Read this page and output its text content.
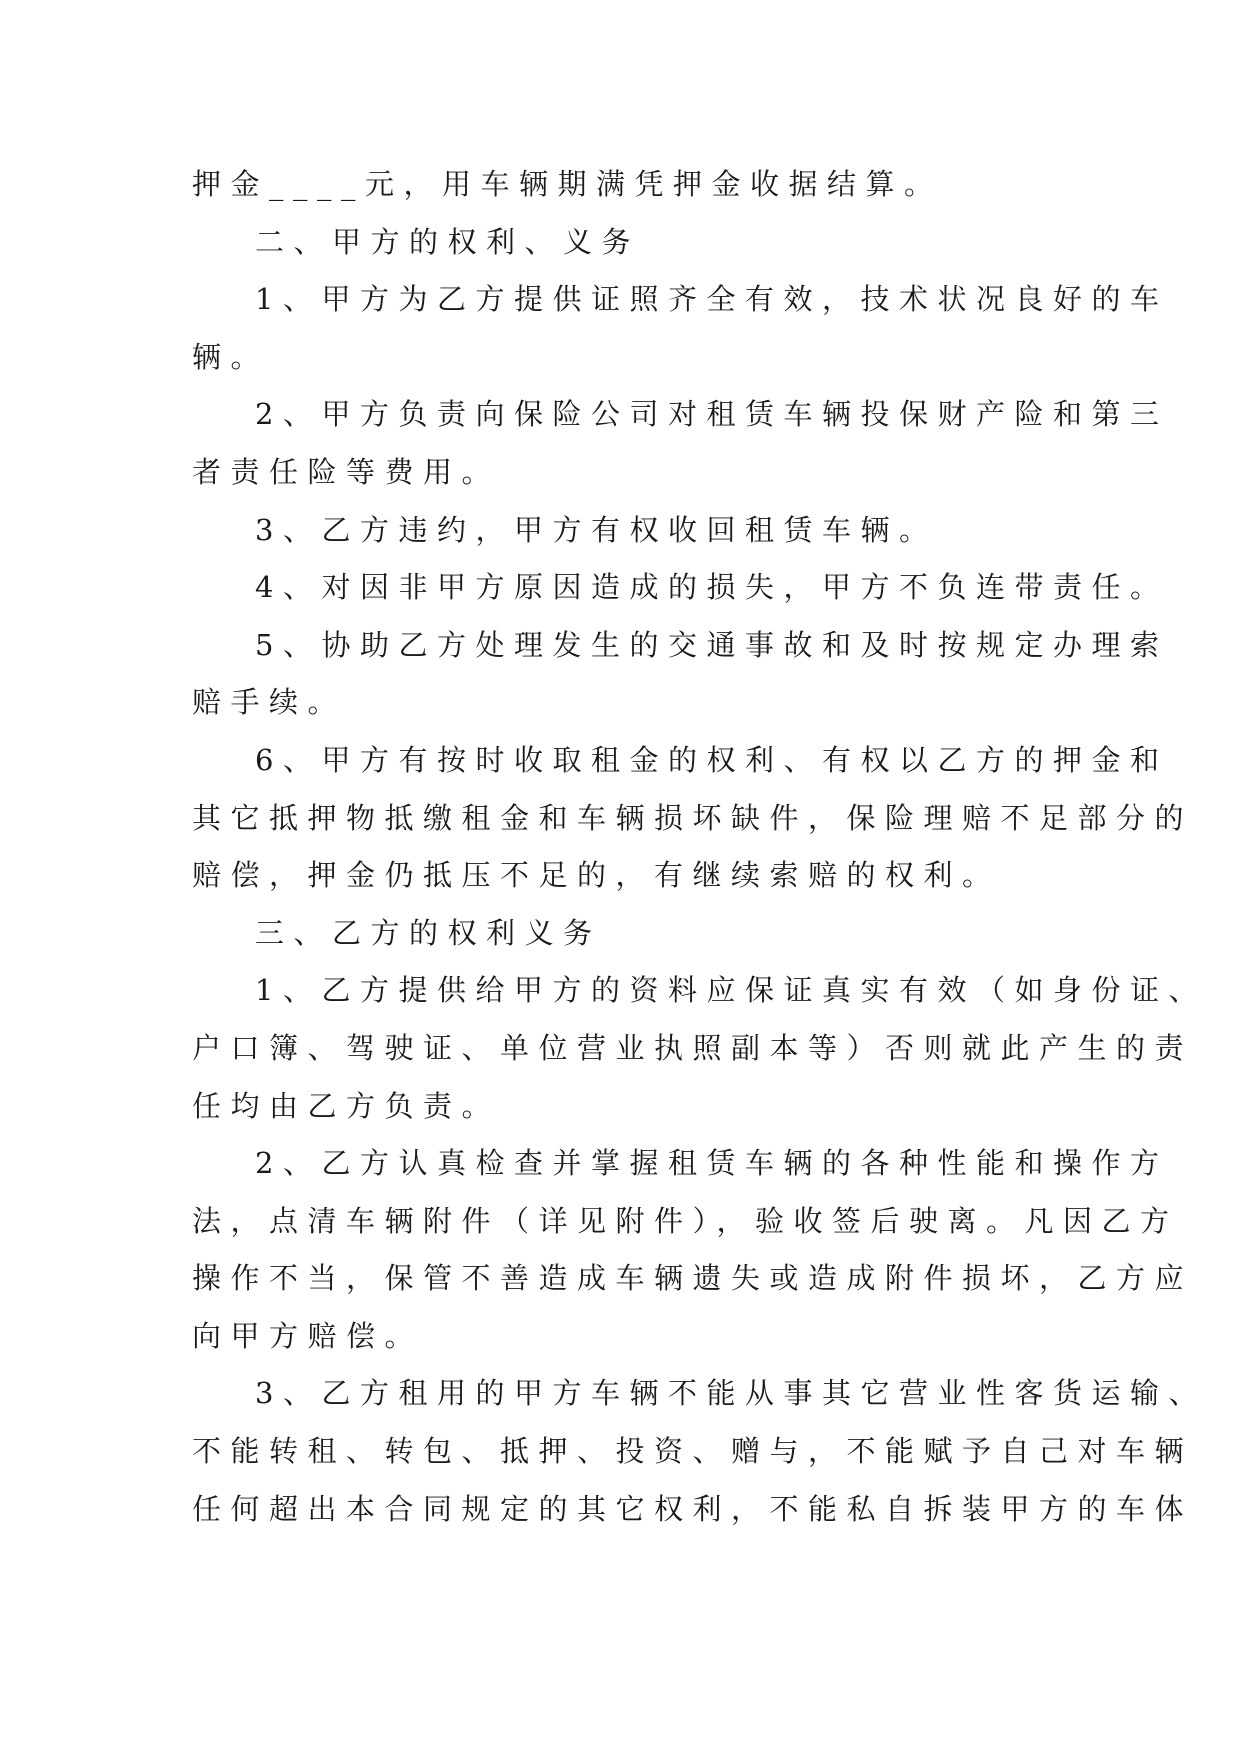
押金____元，用车辆期满凭押金收据结算。
二、甲方的权利、义务
1、甲方为乙方提供证照齐全有效，技术状况良好的车
辆。
2、甲方负责向保险公司对租赁车辆投保财产险和第三
者责任险等费用。
3、乙方违约，甲方有权收回租赁车辆。
4、对因非甲方原因造成的损失，甲方不负连带责任。
5、协助乙方处理发生的交通事故和及时按规定办理索
赔手续。
6、甲方有按时收取租金的权利、有权以乙方的押金和
其它抵押物抵缴租金和车辆损坏缺件，保险理赔不足部分的
赔偿，押金仍抵压不足的，有继续索赔的权利。
三、乙方的权利义务
1、乙方提供给甲方的资料应保证真实有效（如身份证、
户口簿、驾驶证、单位营业执照副本等）否则就此产生的责
任均由乙方负责。
2、乙方认真检查并掌握租赁车辆的各种性能和操作方
法，点清车辆附件（详见附件），验收签后驶离。凡因乙方
操作不当，保管不善造成车辆遗失或造成附件损坏，乙方应
向甲方赔偿。
3、乙方租用的甲方车辆不能从事其它营业性客货运输、
不能转租、转包、抵押、投资、赠与，不能赋予自己对车辆
任何超出本合同规定的其它权利，不能私自拆装甲方的车体
